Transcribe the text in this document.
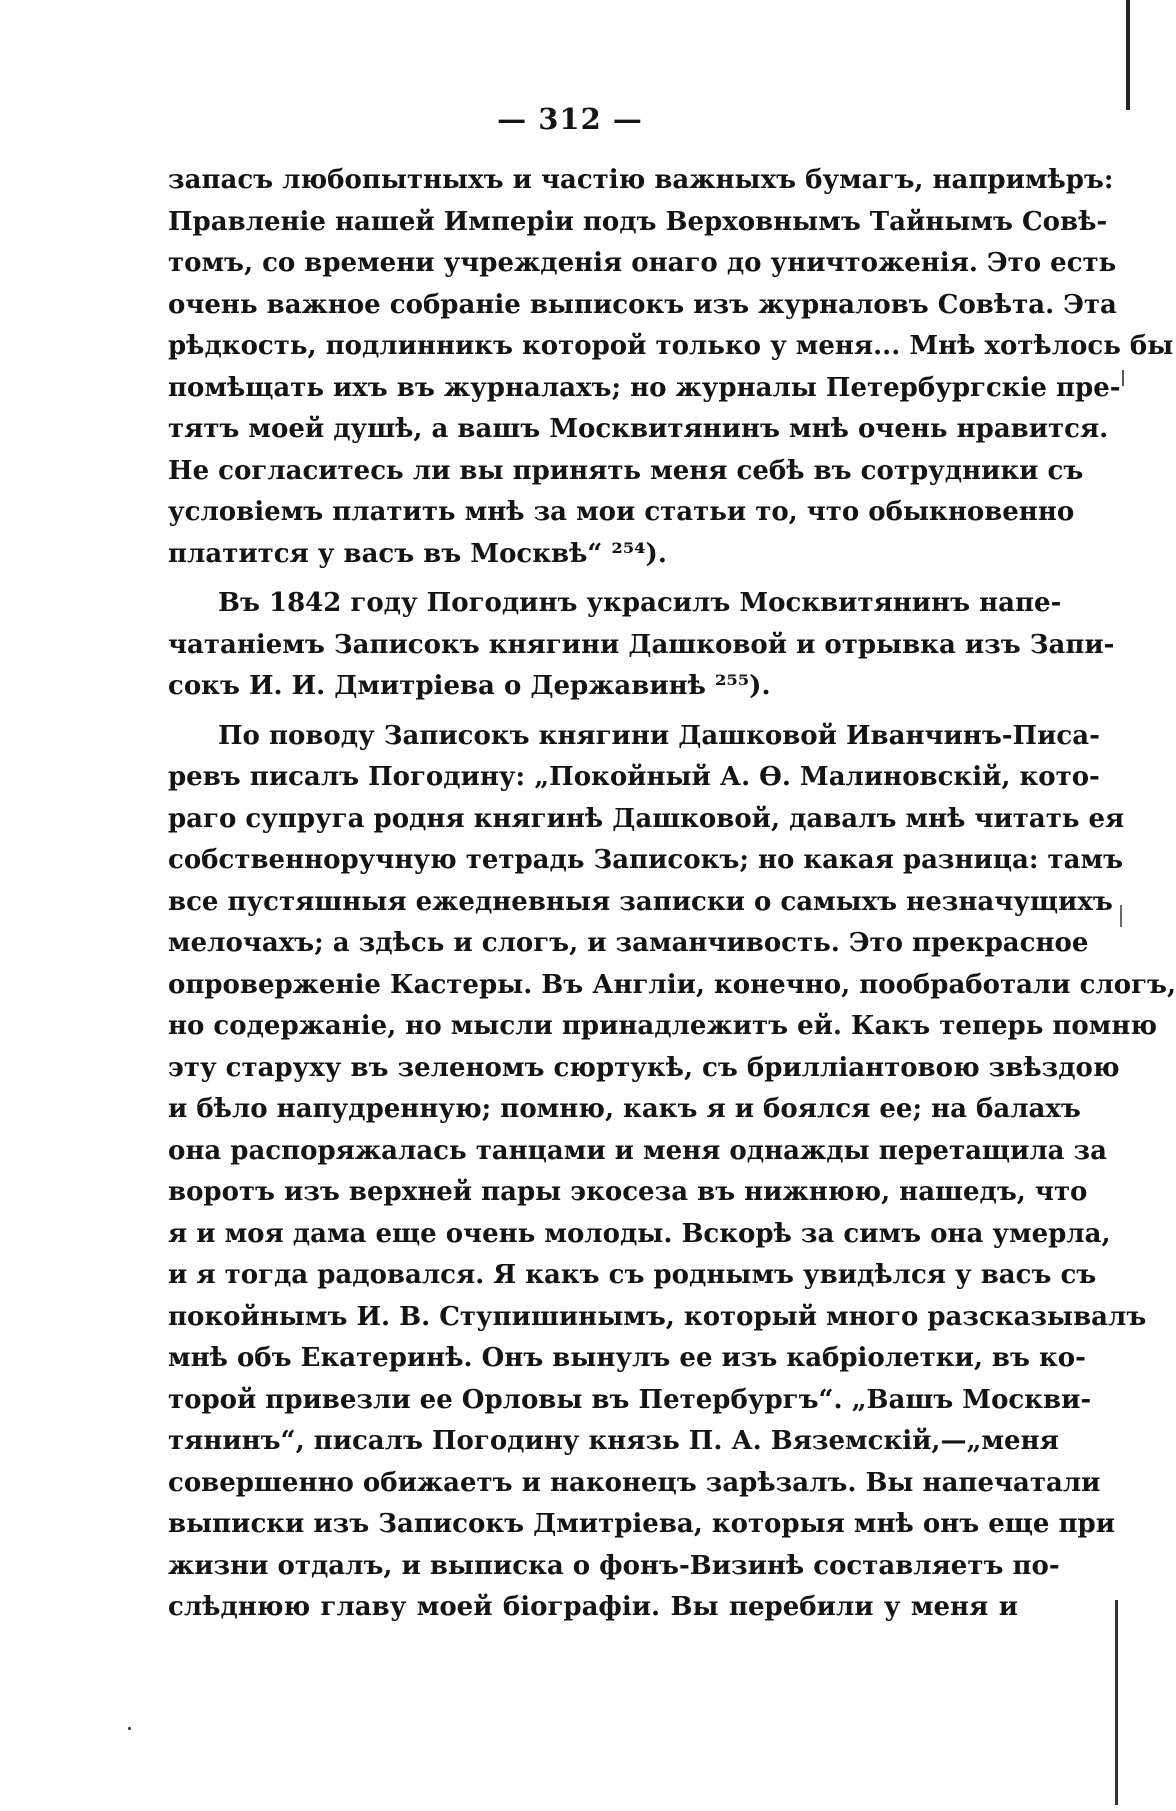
— 312 —
запасъ любопытныхъ и частію важныхъ бумагъ, напримѣръ:
Правленіе нашей Имперіи подъ Верховнымъ Тайнымъ Совѣ-
томъ, со времени учрежденія онаго до уничтоженія. Это есть
очень важное собраніе выписокъ изъ журналовъ Совѣта. Эта
рѣдкость, подлинникъ которой только у меня... Мнѣ хотѣлось бы
помѣщать ихъ въ журналахъ; но журналы Петербургскіе пре-
тятъ моей душѣ, а вашъ Москвитянинъ мнѣ очень нравится.
Не согласитесь ли вы принять меня себѣ въ сотрудники съ
условіемъ платить мнѣ за мои статьи то, что обыкновенно
платится у васъ въ Москвѣ“ ²⁵⁴).
Въ 1842 году Погодинъ украсилъ Москвитянинъ напе-
чатаніемъ Записокъ княгини Дашковой и отрывка изъ Запи-
сокъ И. И. Дмитріева о Державинѣ ²⁵⁵).
По поводу Записокъ княгини Дашковой Иванчинъ-Писа-
ревъ писалъ Погодину: „Покойный А. Ѳ. Малиновскій, кото-
раго супруга родня княгинѣ Дашковой, давалъ мнѣ читать ея
собственноручную тетрадь Записокъ; но какая разница: тамъ
все пустяшныя ежедневныя записки о самыхъ незначущихъ
мелочахъ; а здѣсь и слогъ, и заманчивость. Это прекрасное
опроверженіе Кастеры. Въ Англіи, конечно, пообработали слогъ,
но содержаніе, но мысли принадлежитъ ей. Какъ теперь помню
эту старуху въ зеленомъ сюртукѣ, съ бриллiантовою звѣздою
и бѣло напудренную; помню, какъ я и боялся ее; на балахъ
она распоряжалась танцами и меня однажды перетащила за
воротъ изъ верхней пары экосеза въ нижнюю, нашедъ, что
я и моя дама еще очень молоды. Вскорѣ за симъ она умерла,
и я тогда радовался. Я какъ съ роднымъ увидѣлся у васъ съ
покойнымъ И. В. Ступишинымъ, который много разсказывалъ
мнѣ объ Екатеринѣ. Онъ вынулъ ее изъ кабріолетки, въ ко-
торой привезли ее Орловы въ Петербургъ“. „Вашъ Москви-
тянинъ“, писалъ Погодину князь П. А. Вяземскій,—„меня
совершенно обижаетъ и наконецъ зарѣзалъ. Вы напечатали
выписки изъ Записокъ Дмитріева, которыя мнѣ онъ еще при
жизни отдалъ, и выписка о фонъ-Визинѣ составляетъ по-
слѣднюю главу моей біографіи. Вы перебили у меня и
